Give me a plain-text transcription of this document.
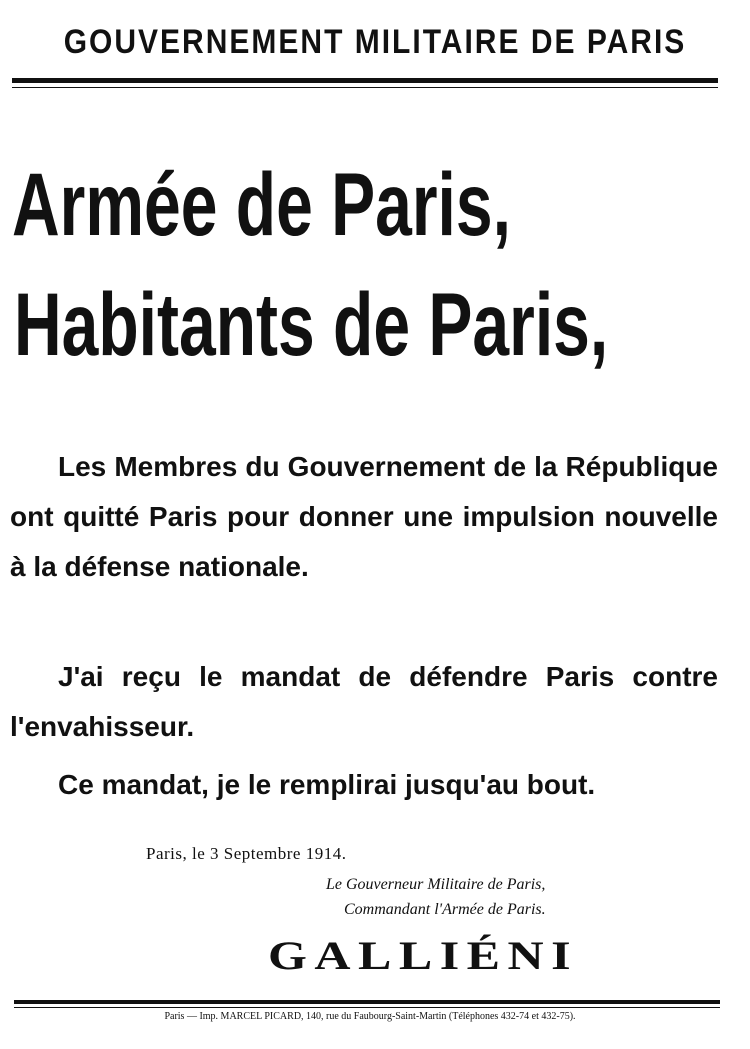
GOUVERNEMENT MILITAIRE DE PARIS
Armée de Paris,
Habitants de Paris,
Les Membres du Gouvernement de la République ont quitté Paris pour donner une impulsion nouvelle à la défense nationale.
J'ai reçu le mandat de défendre Paris contre l'envahisseur.
Ce mandat, je le remplirai jusqu'au bout.
Paris, le 3 Septembre 1914.
Le Gouverneur Militaire de Paris,
Commandant l'Armée de Paris.
GALLIÉNI
Paris — Imp. MARCEL PICARD, 140, rue du Faubourg-Saint-Martin (Téléphones 432-74 et 432-75).
